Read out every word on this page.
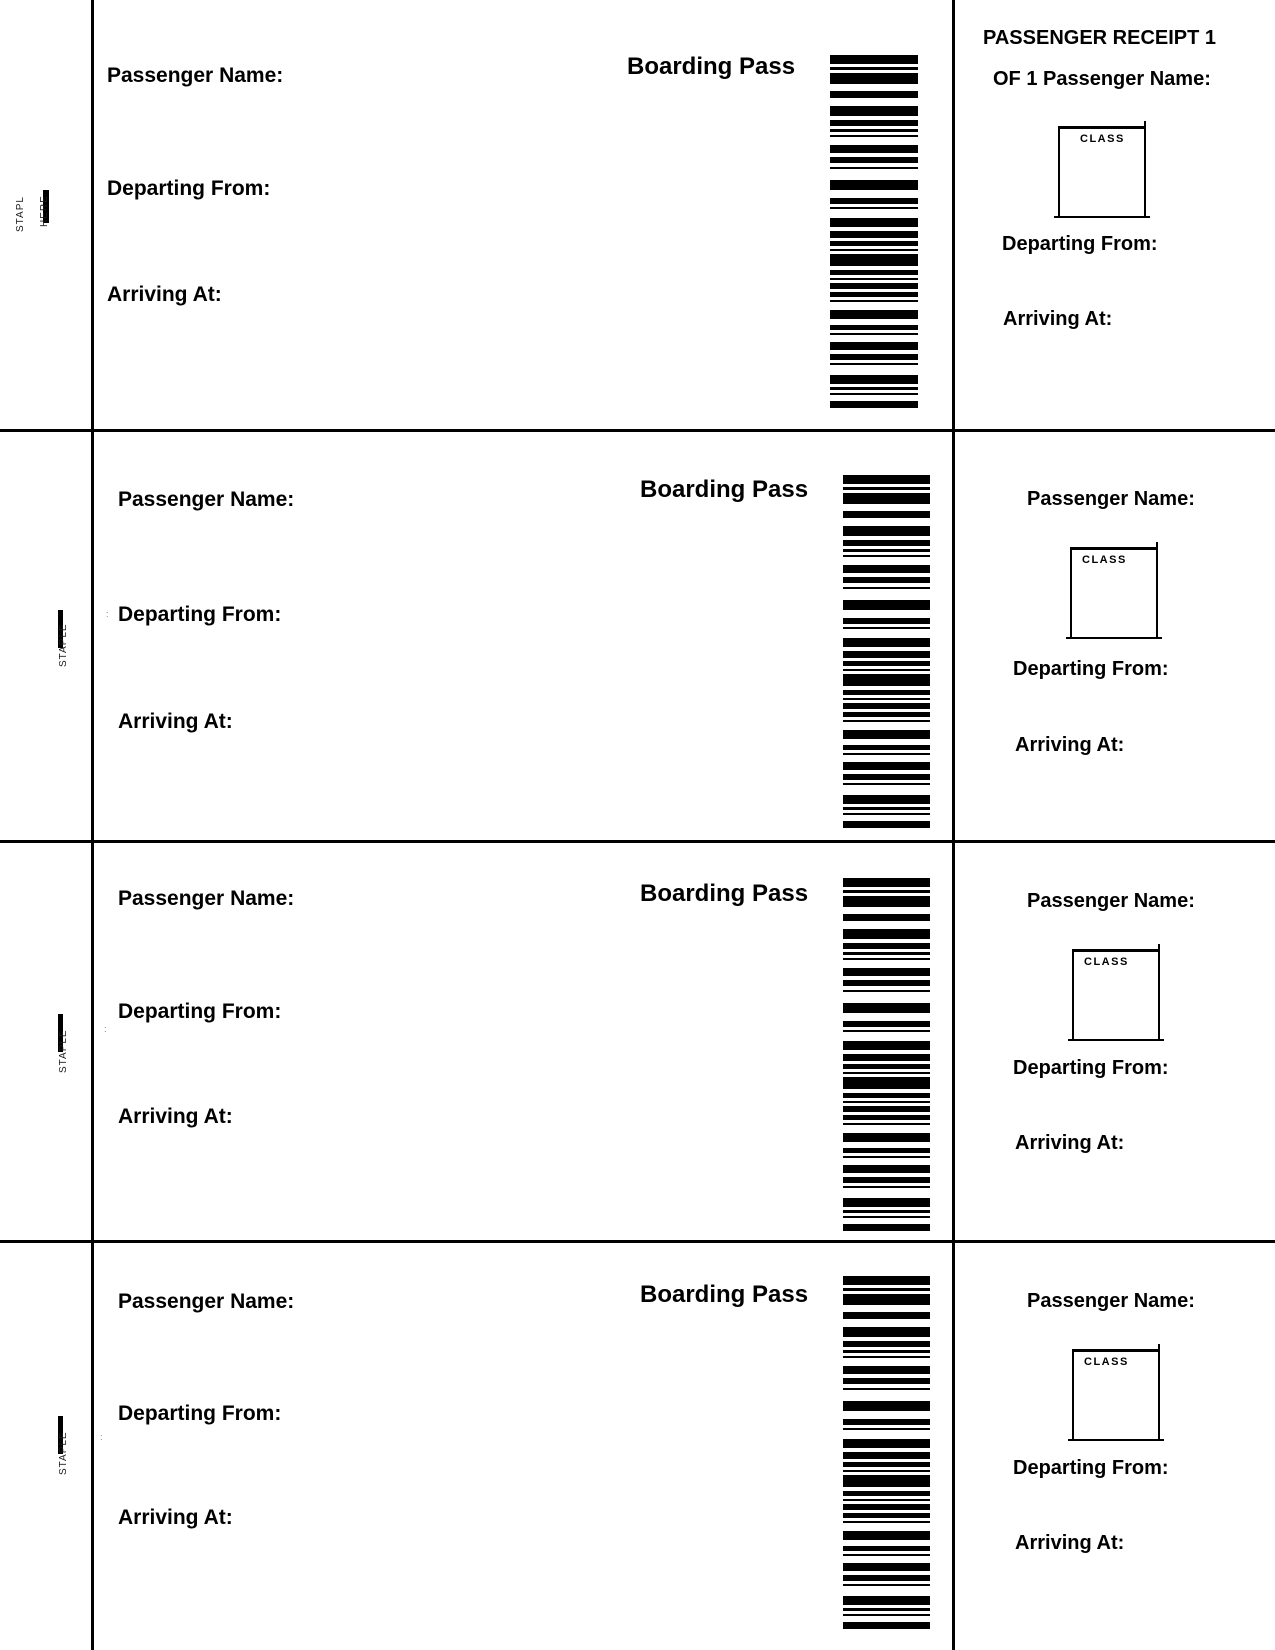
STAPL HERE
Passenger Name:
Departing From:
Arriving At:
Boarding Pass
PASSENGER RECEIPT 1
OF 1 Passenger Name:
CLASS
Departing From:
Arriving At:
STAPLE
:
Passenger Name:
Departing From:
Arriving At:
Boarding Pass	Passenger Name:
CLASS
Departing From:
Arriving At:
STAPLE
:
Passenger Name:
Departing From:
Arriving At:
Boarding Pass	Passenger Name:
CLASS
Departing From:
Arriving At:
STAPLE	:
Passenger Name:
Departing From:
Arriving At:
Boarding Pass	Passenger Name:
CLASS
Departing From:
Arriving At:
